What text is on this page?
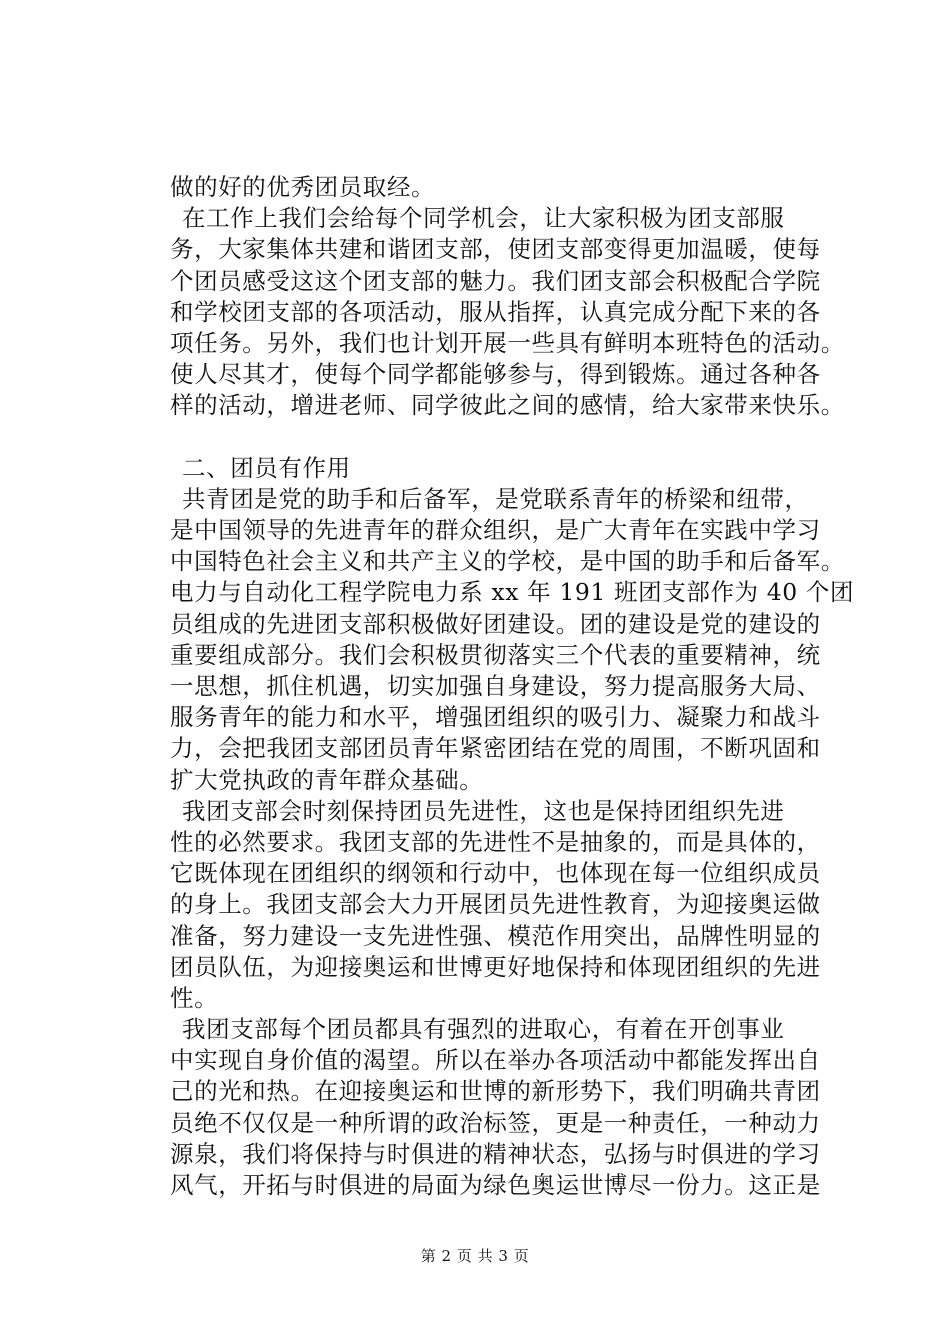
做的好的优秀团员取经。
在工作上我们会给每个同学机会，让大家积极为团支部服
务，大家集体共建和谐团支部，使团支部变得更加温暖，使每
个团员感受这这个团支部的魅力。我们团支部会积极配合学院
和学校团支部的各项活动，服从指挥，认真完成分配下来的各
项任务。另外，我们也计划开展一些具有鲜明本班特色的活动。
使人尽其才，使每个同学都能够参与，得到锻炼。通过各种各
样的活动，增进老师、同学彼此之间的感情，给大家带来快乐。
二、团员有作用
共青团是党的助手和后备军，是党联系青年的桥梁和纽带，
是中国领导的先进青年的群众组织，是广大青年在实践中学习
中国特色社会主义和共产主义的学校，是中国的助手和后备军。
电力与自动化工程学院电力系 xx 年 191 班团支部作为 40 个团
员组成的先进团支部积极做好团建设。团的建设是党的建设的
重要组成部分。我们会积极贯彻落实三个代表的重要精神，统
一思想，抓住机遇，切实加强自身建设，努力提高服务大局、
服务青年的能力和水平，增强团组织的吸引力、凝聚力和战斗
力，会把我团支部团员青年紧密团结在党的周围，不断巩固和
扩大党执政的青年群众基础。
我团支部会时刻保持团员先进性，这也是保持团组织先进
性的必然要求。我团支部的先进性不是抽象的，而是具体的，
它既体现在团组织的纲领和行动中，也体现在每一位组织成员
的身上。我团支部会大力开展团员先进性教育，为迎接奥运做
准备，努力建设一支先进性强、模范作用突出，品牌性明显的
团员队伍，为迎接奥运和世博更好地保持和体现团组织的先进
性。
我团支部每个团员都具有强烈的进取心，有着在开创事业
中实现自身价值的渴望。所以在举办各项活动中都能发挥出自
己的光和热。在迎接奥运和世博的新形势下，我们明确共青团
员绝不仅仅是一种所谓的政治标签，更是一种责任，一种动力
源泉，我们将保持与时俱进的精神状态，弘扬与时俱进的学习
风气，开拓与时俱进的局面为绿色奥运世博尽一份力。这正是
第 2 页 共 3 页
